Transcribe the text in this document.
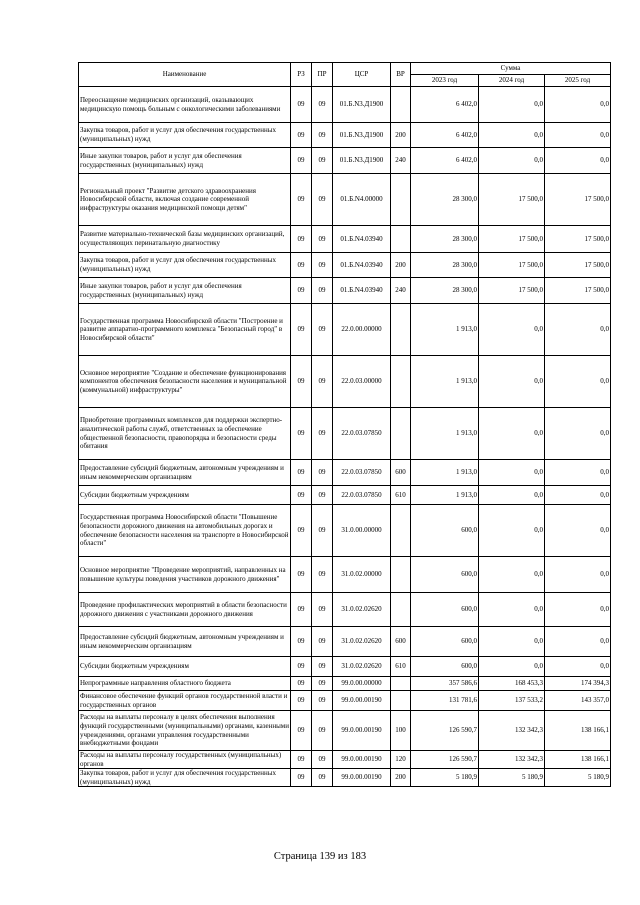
Наименование	РЗ	ПР	ЦСР	ВР	Сумма		
					2023 год	2024 год	2025 год
Переоснащение медицинских организаций, оказывающих медицинскую помощь больным с онкологическими заболеваниями	09	09	01.Б.N3.Д1900		6 402,0	0,0	0,0
Закупка товаров, работ и услуг для обеспечения государственных (муниципальных) нужд	09	09	01.Б.N3.Д1900	200	6 402,0	0,0	0,0
Иные закупки товаров, работ и услуг для обеспечения государственных (муниципальных) нужд	09	09	01.Б.N3.Д1900	240	6 402,0	0,0	0,0
Региональный проект "Развитие детского здравоохранения Новосибирской области, включая создание современной инфраструктуры оказания медицинской помощи детям"	09	09	01.Б.N4.00000		28 300,0	17 500,0	17 500,0
Развитие материально-технической базы медицинских организаций, осуществляющих перинатальную диагностику	09	09	01.Б.N4.03940		28 300,0	17 500,0	17 500,0
Закупка товаров, работ и услуг для обеспечения государственных (муниципальных) нужд	09	09	01.Б.N4.03940	200	28 300,0	17 500,0	17 500,0
Иные закупки товаров, работ и услуг для обеспечения государственных (муниципальных) нужд	09	09	01.Б.N4.03940	240	28 300,0	17 500,0	17 500,0
Государственная программа Новосибирской области "Построение и развитие аппаратно-программного комплекса "Безопасный город" в Новосибирской области"	09	09	22.0.00.00000		1 913,0	0,0	0,0
Основное мероприятие "Создание и обеспечение функционирования компонентов обеспечения безопасности населения и муниципальной (коммунальной) инфраструктуры"	09	09	22.0.03.00000		1 913,0	0,0	0,0
Приобретение программных комплексов для поддержки экспертно-аналитической работы служб, ответственных за обеспечение общественной безопасности, правопорядка и безопасности среды обитания	09	09	22.0.03.07850		1 913,0	0,0	0,0
Предоставление субсидий бюджетным, автономным учреждениям и иным некоммерческим организациям	09	09	22.0.03.07850	600	1 913,0	0,0	0,0
Субсидии бюджетным учреждениям	09	09	22.0.03.07850	610	1 913,0	0,0	0,0
Государственная программа Новосибирской области "Повышение безопасности дорожного движения на автомобильных дорогах и обеспечение безопасности населения на транспорте в Новосибирской области"	09	09	31.0.00.00000		600,0	0,0	0,0
Основное мероприятие "Проведение мероприятий, направленных на повышение культуры поведения участников дорожного движения"	09	09	31.0.02.00000		600,0	0,0	0,0
Проведение профилактических мероприятий в области безопасности дорожного движения с участниками дорожного движения	09	09	31.0.02.02620		600,0	0,0	0,0
Предоставление субсидий бюджетным, автономным учреждениям и иным некоммерческим организациям	09	09	31.0.02.02620	600	600,0	0,0	0,0
Субсидии бюджетным учреждениям	09	09	31.0.02.02620	610	600,0	0,0	0,0
Непрограммные направления областного бюджета	09	09	99.0.00.00000		357 586,6	168 453,3	174 394,3
Финансовое обеспечение функций органов государственной власти и государственных органов	09	09	99.0.00.00190		131 781,6	137 533,2	143 357,0
Расходы на выплаты персоналу в целях обеспечения выполнения функций государственными (муниципальными) органами, казенными учреждениями, органами управления государственными внебюджетными фондами	09	09	99.0.00.00190	100	126 590,7	132 342,3	138 166,1
Расходы на выплаты персоналу государственных (муниципальных) органов	09	09	99.0.00.00190	120	126 590,7	132 342,3	138 166,1
Закупка товаров, работ и услуг для обеспечения государственных (муниципальных) нужд	09	09	99.0.00.00190	200	5 180,9	5 180,9	5 180,9
Страница 139 из 183
